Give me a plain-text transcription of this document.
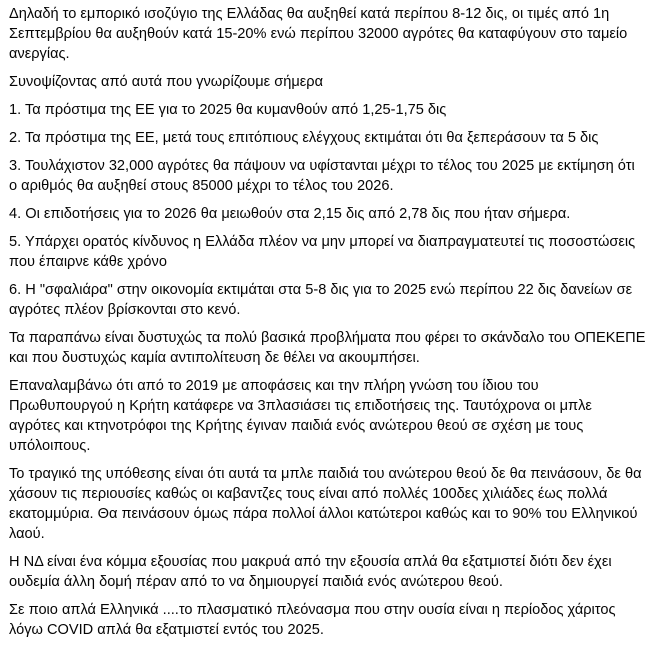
Δηλαδή το εμπορικό ισοζύγιο της Ελλάδας θα αυξηθεί κατά περίπου 8-12 δις, οι τιμές από 1η Σεπτεμβρίου θα αυξηθούν κατά 15-20% ενώ περίπου 32000 αγρότες θα καταφύγουν στο ταμείο ανεργίας.

Συνοψίζοντας από αυτά που γνωρίζουμε σήμερα

1. Τα πρόστιμα της ΕΕ για το 2025 θα κυμανθούν από 1,25-1,75 δις

2. Τα πρόστιμα της ΕΕ, μετά τους επιτόπιους ελέγχους εκτιμάται ότι θα ξεπεράσουν τα 5 δις

3. Τουλάχιστον 32,000 αγρότες θα πάψουν να υφίστανται μέχρι το τέλος του 2025 με εκτίμηση ότι ο αριθμός θα αυξηθεί στους 85000 μέχρι το τέλος του 2026.

4. Οι επιδοτήσεις για το 2026 θα μειωθούν στα 2,15 δις από 2,78 δις που ήταν σήμερα.

5. Υπάρχει ορατός κίνδυνος η Ελλάδα πλέον να μην μπορεί να διαπραγματευτεί τις ποσοστώσεις που έπαιρνε κάθε χρόνο

6. Η "σφαλιάρα" στην οικονομία εκτιμάται στα 5-8 δις για το 2025 ενώ περίπου 22 δις δανείων σε αγρότες πλέον βρίσκονται στο κενό.

Τα παραπάνω είναι δυστυχώς τα πολύ βασικά προβλήματα που φέρει το σκάνδαλο του ΟΠΕΚΕΠΕ και που δυστυχώς καμία αντιπολίτευση δε θέλει να ακουμπήσει.

Επαναλαμβάνω ότι από το 2019 με αποφάσεις και την πλήρη γνώση του ίδιου του Πρωθυπουργού η Κρήτη κατάφερε να 3πλασιάσει τις επιδοτήσεις της. Ταυτόχρονα οι μπλε αγρότες και κτηνοτρόφοι της Κρήτης έγιναν παιδιά ενός ανώτερου θεού σε σχέση με τους υπόλοιπους.

Το τραγικό της υπόθεσης είναι ότι αυτά τα μπλε παιδιά του ανώτερου θεού δε θα πεινάσουν, δε θα χάσουν τις περιουσίες καθώς οι καβαντζες τους είναι από πολλές 100δες χιλιάδες έως πολλά εκατομμύρια. Θα πεινάσουν όμως πάρα πολλοί άλλοι κατώτεροι καθώς και το 90% του Ελληνικού λαού.

Η ΝΔ είναι ένα κόμμα εξουσίας που μακρυά από την εξουσία απλά θα εξατμιστεί διότι δεν έχει ουδεμία άλλη δομή πέραν από το να δημιουργεί παιδιά ενός ανώτερου θεού.

Σε ποιο απλά Ελληνικά ....το πλασματικό πλεόνασμα που στην ουσία είναι η περίοδος χάριτος λόγω COVID απλά θα εξατμιστεί εντός του 2025.
